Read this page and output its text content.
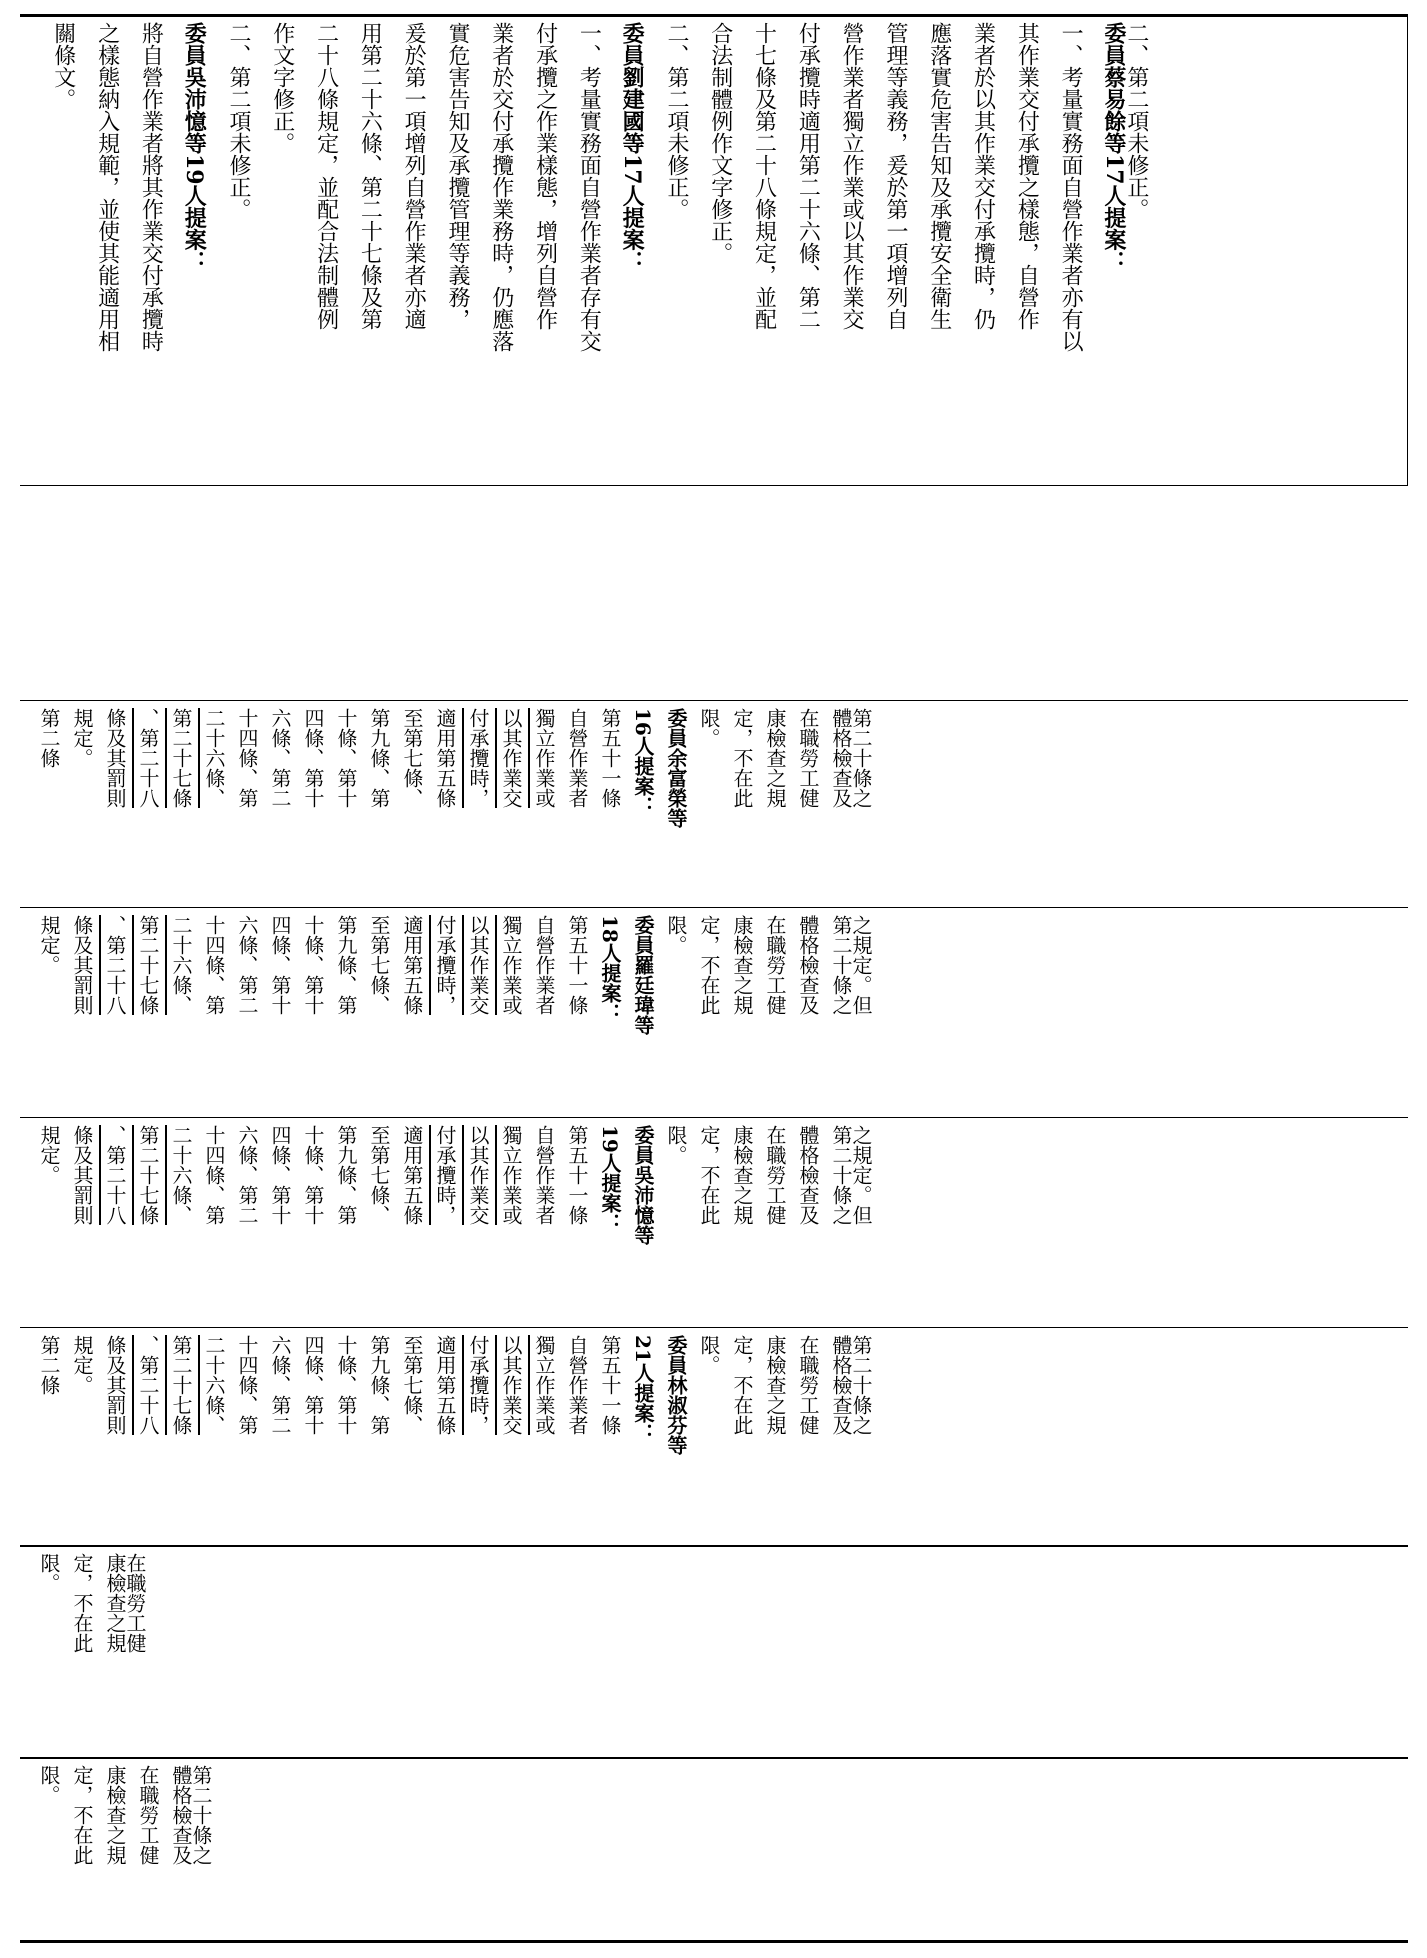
二、第二項未修正。
委員蔡易餘等17人提案：
一、考量實務面自營作業者亦有以
其作業交付承攬之樣態，自營作
業者於以其作業交付承攬時，仍
應落實危害告知及承攬安全衛生
管理等義務，爰於第一項增列自
營作業者獨立作業或以其作業交
付承攬時適用第二十六條、第二
十七條及第二十八條規定，並配
合法制體例作文字修正。
二、第二項未修正。
委員劉建國等17人提案：
一、考量實務面自營作業者存有交
付承攬之作業樣態，增列自營作
業者於交付承攬作業務時，仍應落
實危害告知及承攬管理等義務，
爰於第一項增列自營作業者亦適
用第二十六條、第二十七條及第
二十八條規定，並配合法制體例
作文字修正。
二、第二項未修正。
委員吳沛憶等19人提案：
將自營作業者將其作業交付承攬時
之樣態納入規範，並使其能適用相
關條文。
第二十條之
體格檢查及
在職勞工健
康檢查之規
定，不在此
限。
委員余富榮等
16人提案：
第五十一條
自營作業者
獨立作業或
以其作業交
付承攬時，
適用第五條
至第七條、
第九條、第
十條、第十
四條、第十
六條、第二
十四條、第
二十六條、
第二十七條
、第二十八
條及其罰則
規定。
第二條
之規定。但
第二十條之
體格檢查及
在職勞工健
康檢查之規
定，不在此
限。
委員羅廷瑋等
18人提案：
第五十一條
自營作業者
獨立作業或
以其作業交
付承攬時，
適用第五條
至第七條、
第九條、第
十條、第十
四條、第十
六條、第二
十四條、第
二十六條、
第二十七條
、第二十八
條及其罰則
規定。
之規定。但
第二十條之
體格檢查及
在職勞工健
康檢查之規
定，不在此
限。
委員吳沛憶等
19人提案：
第五十一條
自營作業者
獨立作業或
以其作業交
付承攬時，
適用第五條
至第七條、
第九條、第
十條、第十
四條、第十
六條、第二
十四條、第
二十六條、
第二十七條
、第二十八
條及其罰則
規定。
第二十條之
體格檢查及
在職勞工健
康檢查之規
定，不在此
限。
委員林淑芬等
21人提案：
第五十一條
自營作業者
獨立作業或
以其作業交
付承攬時，
適用第五條
至第七條、
第九條、第
十條、第十
四條、第十
六條、第二
十四條、第
二十六條、
第二十七條
、第二十八
條及其罰則
規定。
第二條
在職勞工健
康檢查之規
定，不在此
限。
第二十條之
體格檢查及
在職勞工健
康檢查之規
定，不在此
限。
